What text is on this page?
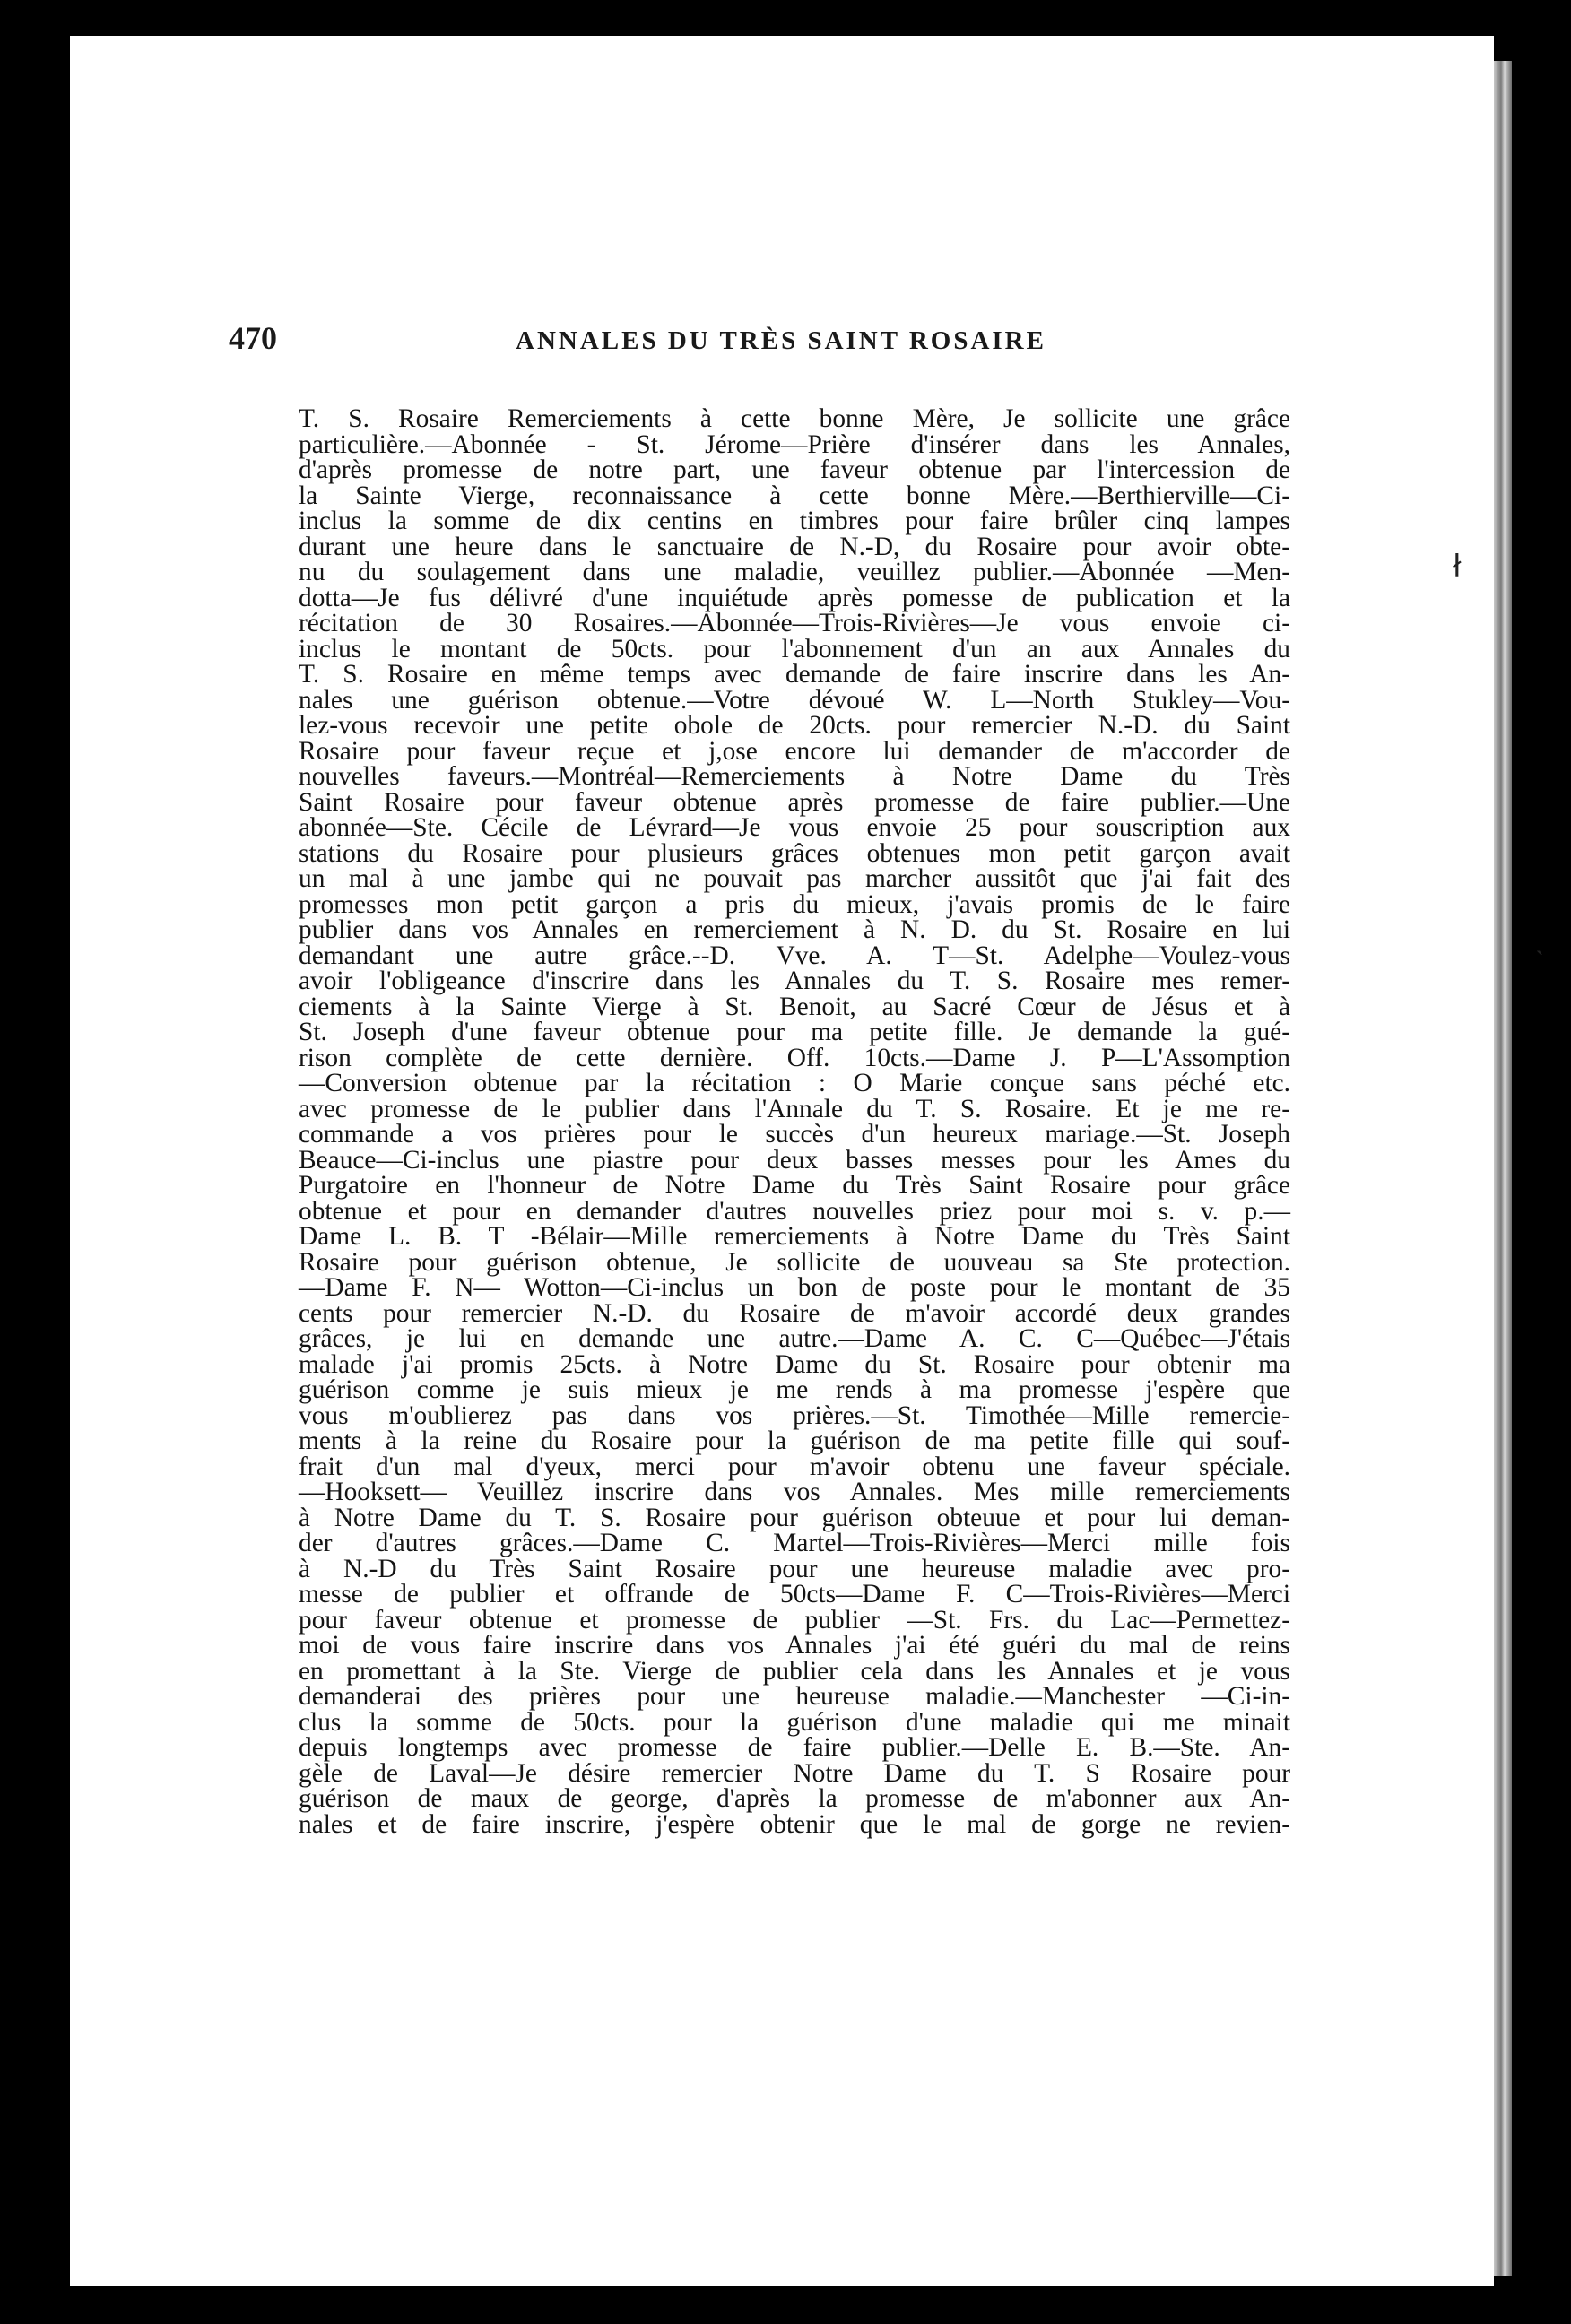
470	ANNALES DU TRÈS SAINT ROSAIRE
T. S. Rosaire Remerciements à cette bonne Mère, Je sollicite une grâce
particulière.—Abonnée - St. Jérome—Prière d'insérer dans les Annales,
d'après promesse de notre part, une faveur obtenue par l'intercession de
la Sainte Vierge, reconnaissance à cette bonne Mère.—Berthierville—Ci-
inclus la somme de dix centins en timbres pour faire brûler cinq lampes
durant une heure dans le sanctuaire de N.-D, du Rosaire pour avoir obte-
nu du soulagement dans une maladie, veuillez publier.—Abonnée —Men-
dotta—Je fus délivré d'une inquiétude après pomesse de publication et la
récitation de 30 Rosaires.—Abonnée—Trois-Rivières—Je vous envoie ci-
inclus le montant de 50cts. pour l'abonnement d'un an aux Annales du
T. S. Rosaire en même temps avec demande de faire inscrire dans les An-
nales une guérison obtenue.—Votre dévoué W. L—North Stukley—Vou-
lez-vous recevoir une petite obole de 20cts. pour remercier N.-D. du Saint
Rosaire pour faveur reçue et j,ose encore lui demander de m'accorder de
nouvelles faveurs.—Montréal—Remerciements à Notre Dame du Très
Saint Rosaire pour faveur obtenue après promesse de faire publier.—Une
abonnée—Ste. Cécile de Lévrard—Je vous envoie 25 pour souscription aux
stations du Rosaire pour plusieurs grâces obtenues mon petit garçon avait
un mal à une jambe qui ne pouvait pas marcher aussitôt que j'ai fait des
promesses mon petit garçon a pris du mieux, j'avais promis de le faire
publier dans vos Annales en remerciement à N. D. du St. Rosaire en lui
demandant une autre grâce.--D. Vve. A. T—St. Adelphe—Voulez-vous
avoir l'obligeance d'inscrire dans les Annales du T. S. Rosaire mes remer-
ciements à la Sainte Vierge à St. Benoit, au Sacré Cœur de Jésus et à
St. Joseph d'une faveur obtenue pour ma petite fille. Je demande la gué-
rison complète de cette dernière. Off. 10cts.—Dame J. P—L'Assomption
—Conversion obtenue par la récitation : O Marie conçue sans péché etc.
avec promesse de le publier dans l'Annale du T. S. Rosaire. Et je me re-
commande a vos prières pour le succès d'un heureux mariage.—St. Joseph
Beauce—Ci-inclus une piastre pour deux basses messes pour les Ames du
Purgatoire en l'honneur de Notre Dame du Très Saint Rosaire pour grâce
obtenue et pour en demander d'autres nouvelles priez pour moi s. v. p.—
Dame L. B. T -Bélair—Mille remerciements à Notre Dame du Très Saint
Rosaire pour guérison obtenue, Je sollicite de uouveau sa Ste protection.
—Dame F. N— Wotton—Ci-inclus un bon de poste pour le montant de 35
cents pour remercier N.-D. du Rosaire de m'avoir accordé deux grandes
grâces, je lui en demande une autre.—Dame A. C. C—Québec—J'étais
malade j'ai promis 25cts. à Notre Dame du St. Rosaire pour obtenir ma
guérison comme je suis mieux je me rends à ma promesse j'espère que
vous m'oublierez pas dans vos prières.—St. Timothée—Mille remercie-
ments à la reine du Rosaire pour la guérison de ma petite fille qui souf-
frait d'un mal d'yeux, merci pour m'avoir obtenu une faveur spéciale.
—Hooksett— Veuillez inscrire dans vos Annales. Mes mille remerciements
à Notre Dame du T. S. Rosaire pour guérison obteuue et pour lui deman-
der d'autres grâces.—Dame C. Martel—Trois-Rivières—Merci mille fois
à N.-D du Très Saint Rosaire pour une heureuse maladie avec pro-
messe de publier et offrande de 50cts—Dame F. C—Trois-Rivières—Merci
pour faveur obtenue et promesse de publier —St. Frs. du Lac—Permettez-
moi de vous faire inscrire dans vos Annales j'ai été guéri du mal de reins
en promettant à la Ste. Vierge de publier cela dans les Annales et je vous
demanderai des prières pour une heureuse maladie.—Manchester —Ci-in-
clus la somme de 50cts. pour la guérison d'une maladie qui me minait
depuis longtemps avec promesse de faire publier.—Delle E. B.—Ste. An-
gèle de Laval—Je désire remercier Notre Dame du T. S Rosaire pour
guérison de maux de george, d'après la promesse de m'abonner aux An-
nales et de faire inscrire, j'espère obtenir que le mal de gorge ne revien-
ł
˴
